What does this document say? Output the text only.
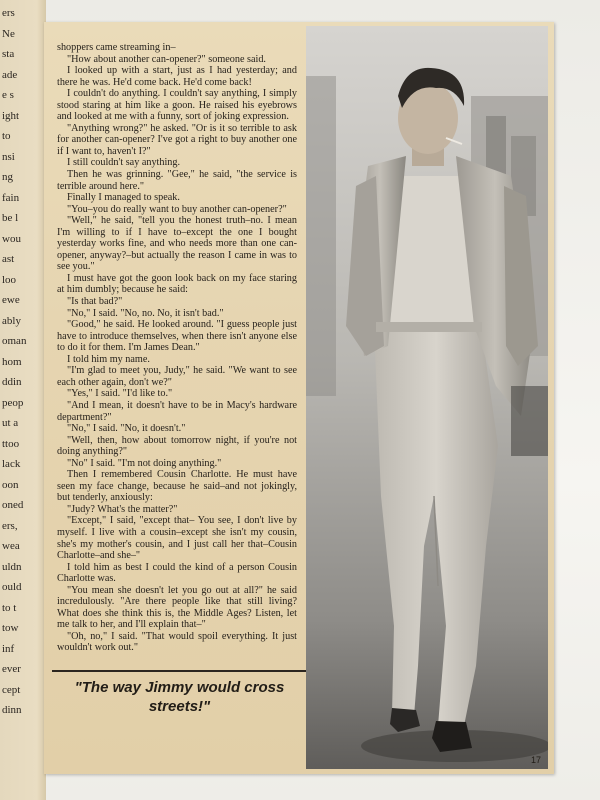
ers
Ne
sta
ade
e s
ight
to
nsi
ng
fain
be l
wou
ast
loo
ewe
ably
oman
hom
ddin
peop
ut a
ttoo
lack
oon
oned
ers,
wea
uldn
ould
to t
tow
inf
ever
cept
dinn

shoppers came streaming in–

"How about another can-opener?" someone said.

I looked up with a start, just as I had yesterday; and there he was. He'd come back. He'd come back!

I couldn't do anything. I couldn't say anything, I simply stood staring at him like a goon. He raised his eyebrows and looked at me with a funny, sort of joking expression.

"Anything wrong?" he asked. "Or is it so terrible to ask for another can-opener? I've got a right to buy another one if I want to, haven't I?"

I still couldn't say anything.

Then he was grinning. "Gee," he said, "the service is terrible around here."

Finally I managed to speak.

"You–you do really want to buy another can-opener?"

"Well," he said, "tell you the honest truth–no. I mean I'm willing to if I have to–except the one I bought yesterday works fine, and who needs more than one can-opener, anyway?–but actually the reason I came in was to see you."

I must have got the goon look back on my face staring at him dumbly; because he said:

"Is that bad?"

"No," I said. "No, no. No, it isn't bad."

"Good," he said. He looked around. "I guess people just have to introduce themselves, when there isn't anyone else to do it for them. I'm James Dean."

I told him my name.

"I'm glad to meet you, Judy," he said. "We want to see each other again, don't we?"

"Yes," I said. "I'd like to."

"And I mean, it doesn't have to be in Macy's hardware department?"

"No," I said. "No, it doesn't."

"Well, then, how about tomorrow night, if you're not doing anything?"

"No" I said. "I'm not doing anything."

Then I remembered Cousin Charlotte. He must have seen my face change, because he said–and not jokingly, but tenderly, anxiously:

"Judy? What's the matter?"

"Except," I said, "except that– You see, I don't live by myself. I live with a cousin–except she isn't my cousin, she's my mother's cousin, and I just call her that–Cousin Charlotte–and she–"

I told him as best I could the kind of a person Cousin Charlotte was.

"You mean she doesn't let you go out at all?" he said incredulously. "Are there people like that still living? What does she think this is, the Middle Ages? Listen, let me talk to her, and I'll explain that–"

"Oh, no," I said. "That would spoil everything. It just wouldn't work out."

"The way Jimmy would cross streets!"
17
